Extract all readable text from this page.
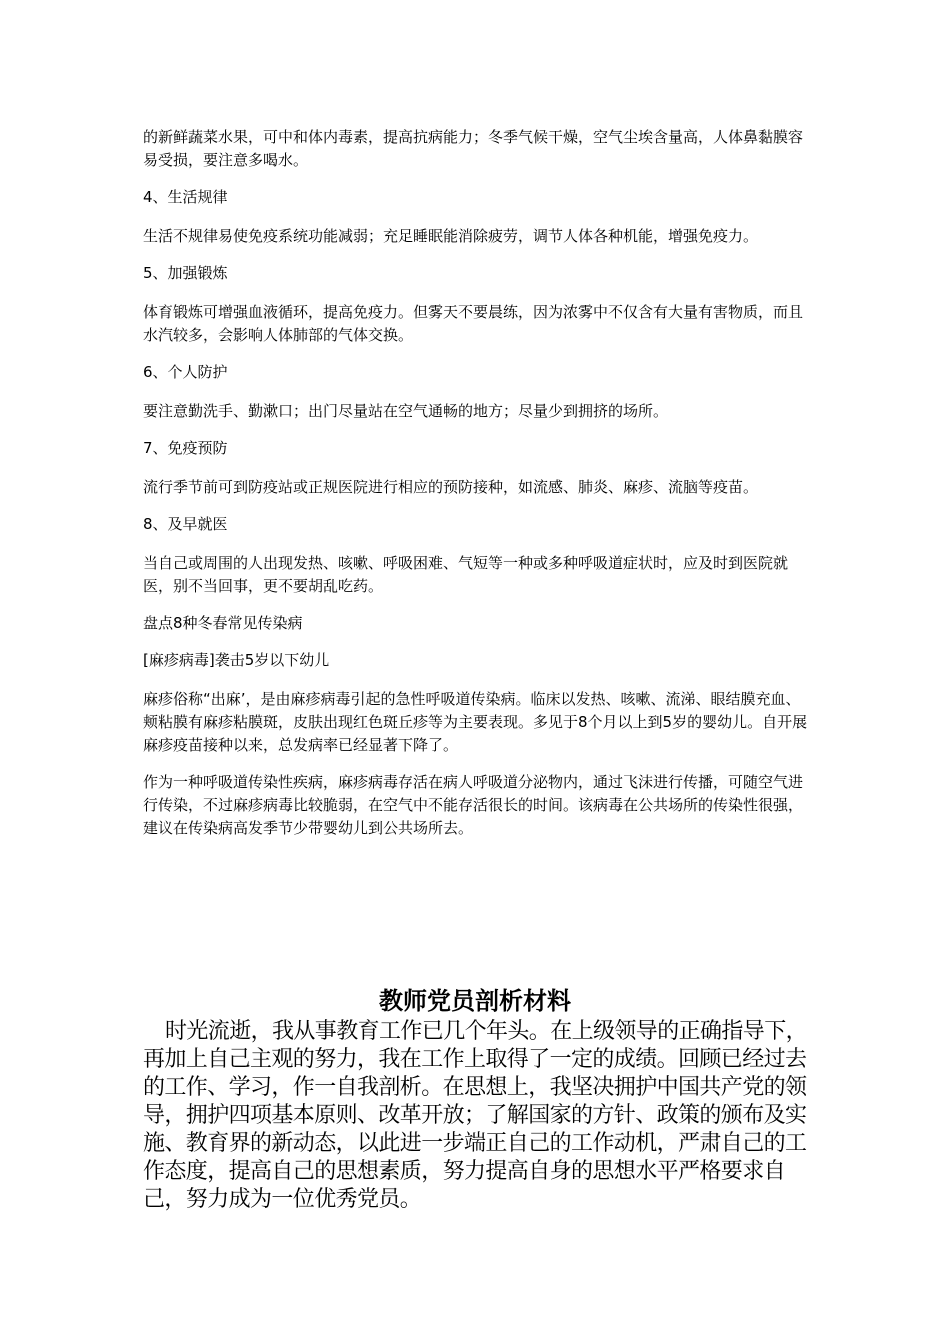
的新鲜蔬菜水果，可中和体内毒素，提高抗病能力；冬季气候干燥，空气尘埃含量高，人体鼻黏膜容易受损，要注意多喝水。

4、生活规律

生活不规律易使免疫系统功能减弱；充足睡眠能消除疲劳，调节人体各种机能，增强免疫力。

5、加强锻炼

体育锻炼可增强血液循环，提高免疫力。但雾天不要晨练，因为浓雾中不仅含有大量有害物质，而且水汽较多，会影响人体肺部的气体交换。

6、个人防护

要注意勤洗手、勤漱口；出门尽量站在空气通畅的地方；尽量少到拥挤的场所。

7、免疫预防

流行季节前可到防疫站或正规医院进行相应的预防接种，如流感、肺炎、麻疹、流脑等疫苗。

8、及早就医

当自己或周围的人出现发热、咳嗽、呼吸困难、气短等一种或多种呼吸道症状时，应及时到医院就医，别不当回事，更不要胡乱吃药。

盘点8种冬春常见传染病

[麻疹病毒]袭击5岁以下幼儿

麻疹俗称“出麻’，是由麻疹病毒引起的急性呼吸道传染病。临床以发热、咳嗽、流涕、眼结膜充血、颊粘膜有麻疹粘膜斑，皮肤出现红色斑丘疹等为主要表现。多见于8个月以上到5岁的婴幼儿。自开展麻疹疫苗接种以来，总发病率已经显著下降了。

作为一种呼吸道传染性疾病，麻疹病毒存活在病人呼吸道分泌物内，通过飞沫进行传播，可随空气进行传染，不过麻疹病毒比较脆弱，在空气中不能存活很长的时间。该病毒在公共场所的传染性很强，建议在传染病高发季节少带婴幼儿到公共场所去。

教师党员剖析材料

时光流逝，我从事教育工作已几个年头。在上级领导的正确指导下，再加上自己主观的努力，我在工作上取得了一定的成绩。回顾已经过去的工作、学习，作一自我剖析。在思想上，我坚决拥护中国共产党的领导，拥护四项基本原则、改革开放；了解国家的方针、政策的颁布及实施、教育界的新动态，以此进一步端正自己的工作动机，严肃自己的工作态度，提高自己的思想素质，努力提高自身的思想水平严格要求自己，努力成为一位优秀党员。
